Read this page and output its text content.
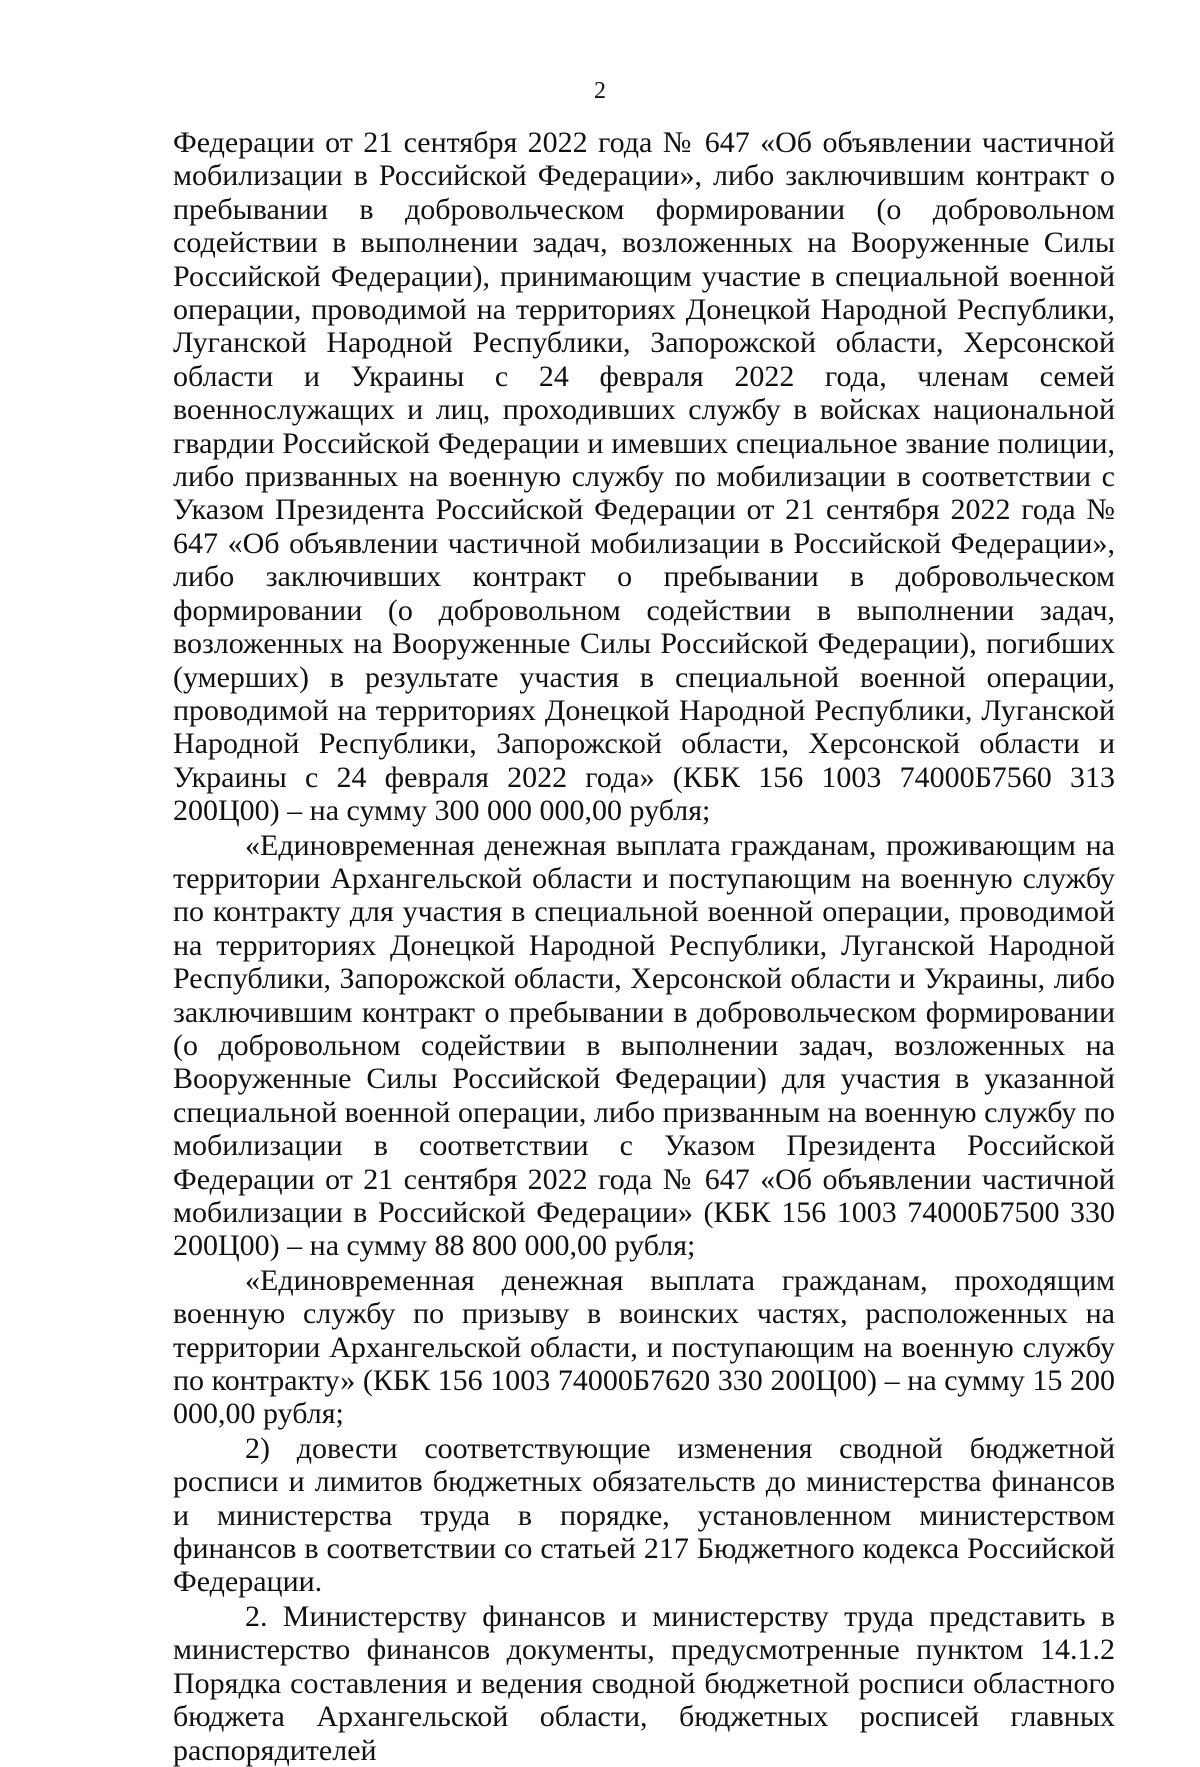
2

Федерации от 21 сентября 2022 года № 647 «Об объявлении частичной мобилизации в Российской Федерации», либо заключившим контракт о пребывании в добровольческом формировании (о добровольном содействии в выполнении задач, возложенных на Вооруженные Силы Российской Федерации), принимающим участие в специальной военной операции, проводимой на территориях Донецкой Народной Республики, Луганской Народной Республики, Запорожской области, Херсонской области и Украины с 24 февраля 2022 года, членам семей военнослужащих и лиц, проходивших службу в войсках национальной гвардии Российской Федерации и имевших специальное звание полиции, либо призванных на военную службу по мобилизации в соответствии с Указом Президента Российской Федерации от 21 сентября 2022 года № 647 «Об объявлении частичной мобилизации в Российской Федерации», либо заключивших контракт о пребывании в добровольческом формировании (о добровольном содействии в выполнении задач, возложенных на Вооруженные Силы Российской Федерации), погибших (умерших) в результате участия в специальной военной операции, проводимой на территориях Донецкой Народной Республики, Луганской Народной Республики, Запорожской области, Херсонской области и Украины с 24 февраля 2022 года» (КБК 156 1003 74000Б7560 313 200Ц00) – на сумму 300 000 000,00 рубля;

«Единовременная денежная выплата гражданам, проживающим на территории Архангельской области и поступающим на военную службу по контракту для участия в специальной военной операции, проводимой на территориях Донецкой Народной Республики, Луганской Народной Республики, Запорожской области, Херсонской области и Украины, либо заключившим контракт о пребывании в добровольческом формировании (о добровольном содействии в выполнении задач, возложенных на Вооруженные Силы Российской Федерации) для участия в указанной специальной военной операции, либо призванным на военную службу по мобилизации в соответствии с Указом Президента Российской Федерации от 21 сентября 2022 года № 647 «Об объявлении частичной мобилизации в Российской Федерации» (КБК 156 1003 74000Б7500 330 200Ц00) – на сумму 88 800 000,00 рубля;

«Единовременная денежная выплата гражданам, проходящим военную службу по призыву в воинских частях, расположенных на территории Архангельской области, и поступающим на военную службу по контракту» (КБК 156 1003 74000Б7620 330 200Ц00) – на сумму 15 200 000,00 рубля;

2) довести соответствующие изменения сводной бюджетной росписи и лимитов бюджетных обязательств до министерства финансов и министерства труда в порядке, установленном министерством финансов в соответствии со статьей 217 Бюджетного кодекса Российской Федерации.

2. Министерству финансов и министерству труда представить в министерство финансов документы, предусмотренные пунктом 14.1.2 Порядка составления и ведения сводной бюджетной росписи областного бюджета Архангельской области, бюджетных росписей главных распорядителей
